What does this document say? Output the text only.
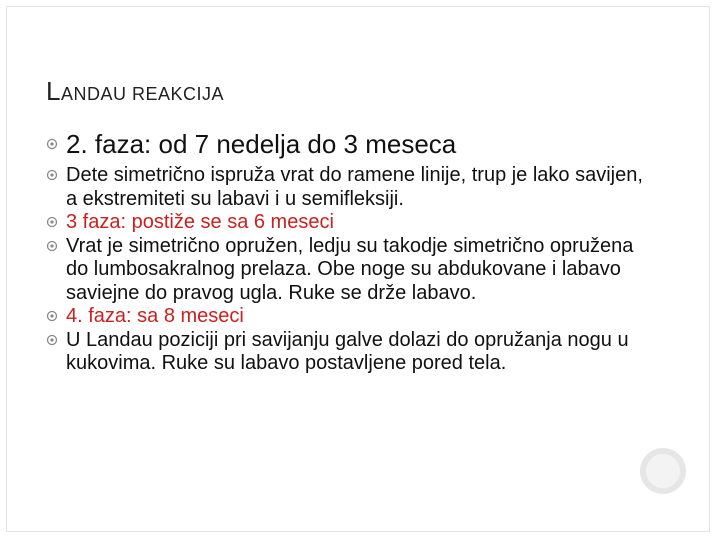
LANDAU REAKCIJA
2. faza: od 7 nedelja do 3 meseca
Dete simetrično ispruža vrat do ramene linije, trup je lako savijen, a ekstremiteti su labavi i u semifleksiji.
3 faza: postiže se sa 6 meseci
Vrat je simetrično opružen, ledju su takodje simetrično opružena do lumbosakralnog prelaza. Obe noge su abdukovane i labavo saviejne do pravog ugla. Ruke se drže labavo.
4. faza: sa 8 meseci
U Landau poziciji pri savijanju galve dolazi do opružanja nogu u kukovima. Ruke su labavo postavljene pored tela.
